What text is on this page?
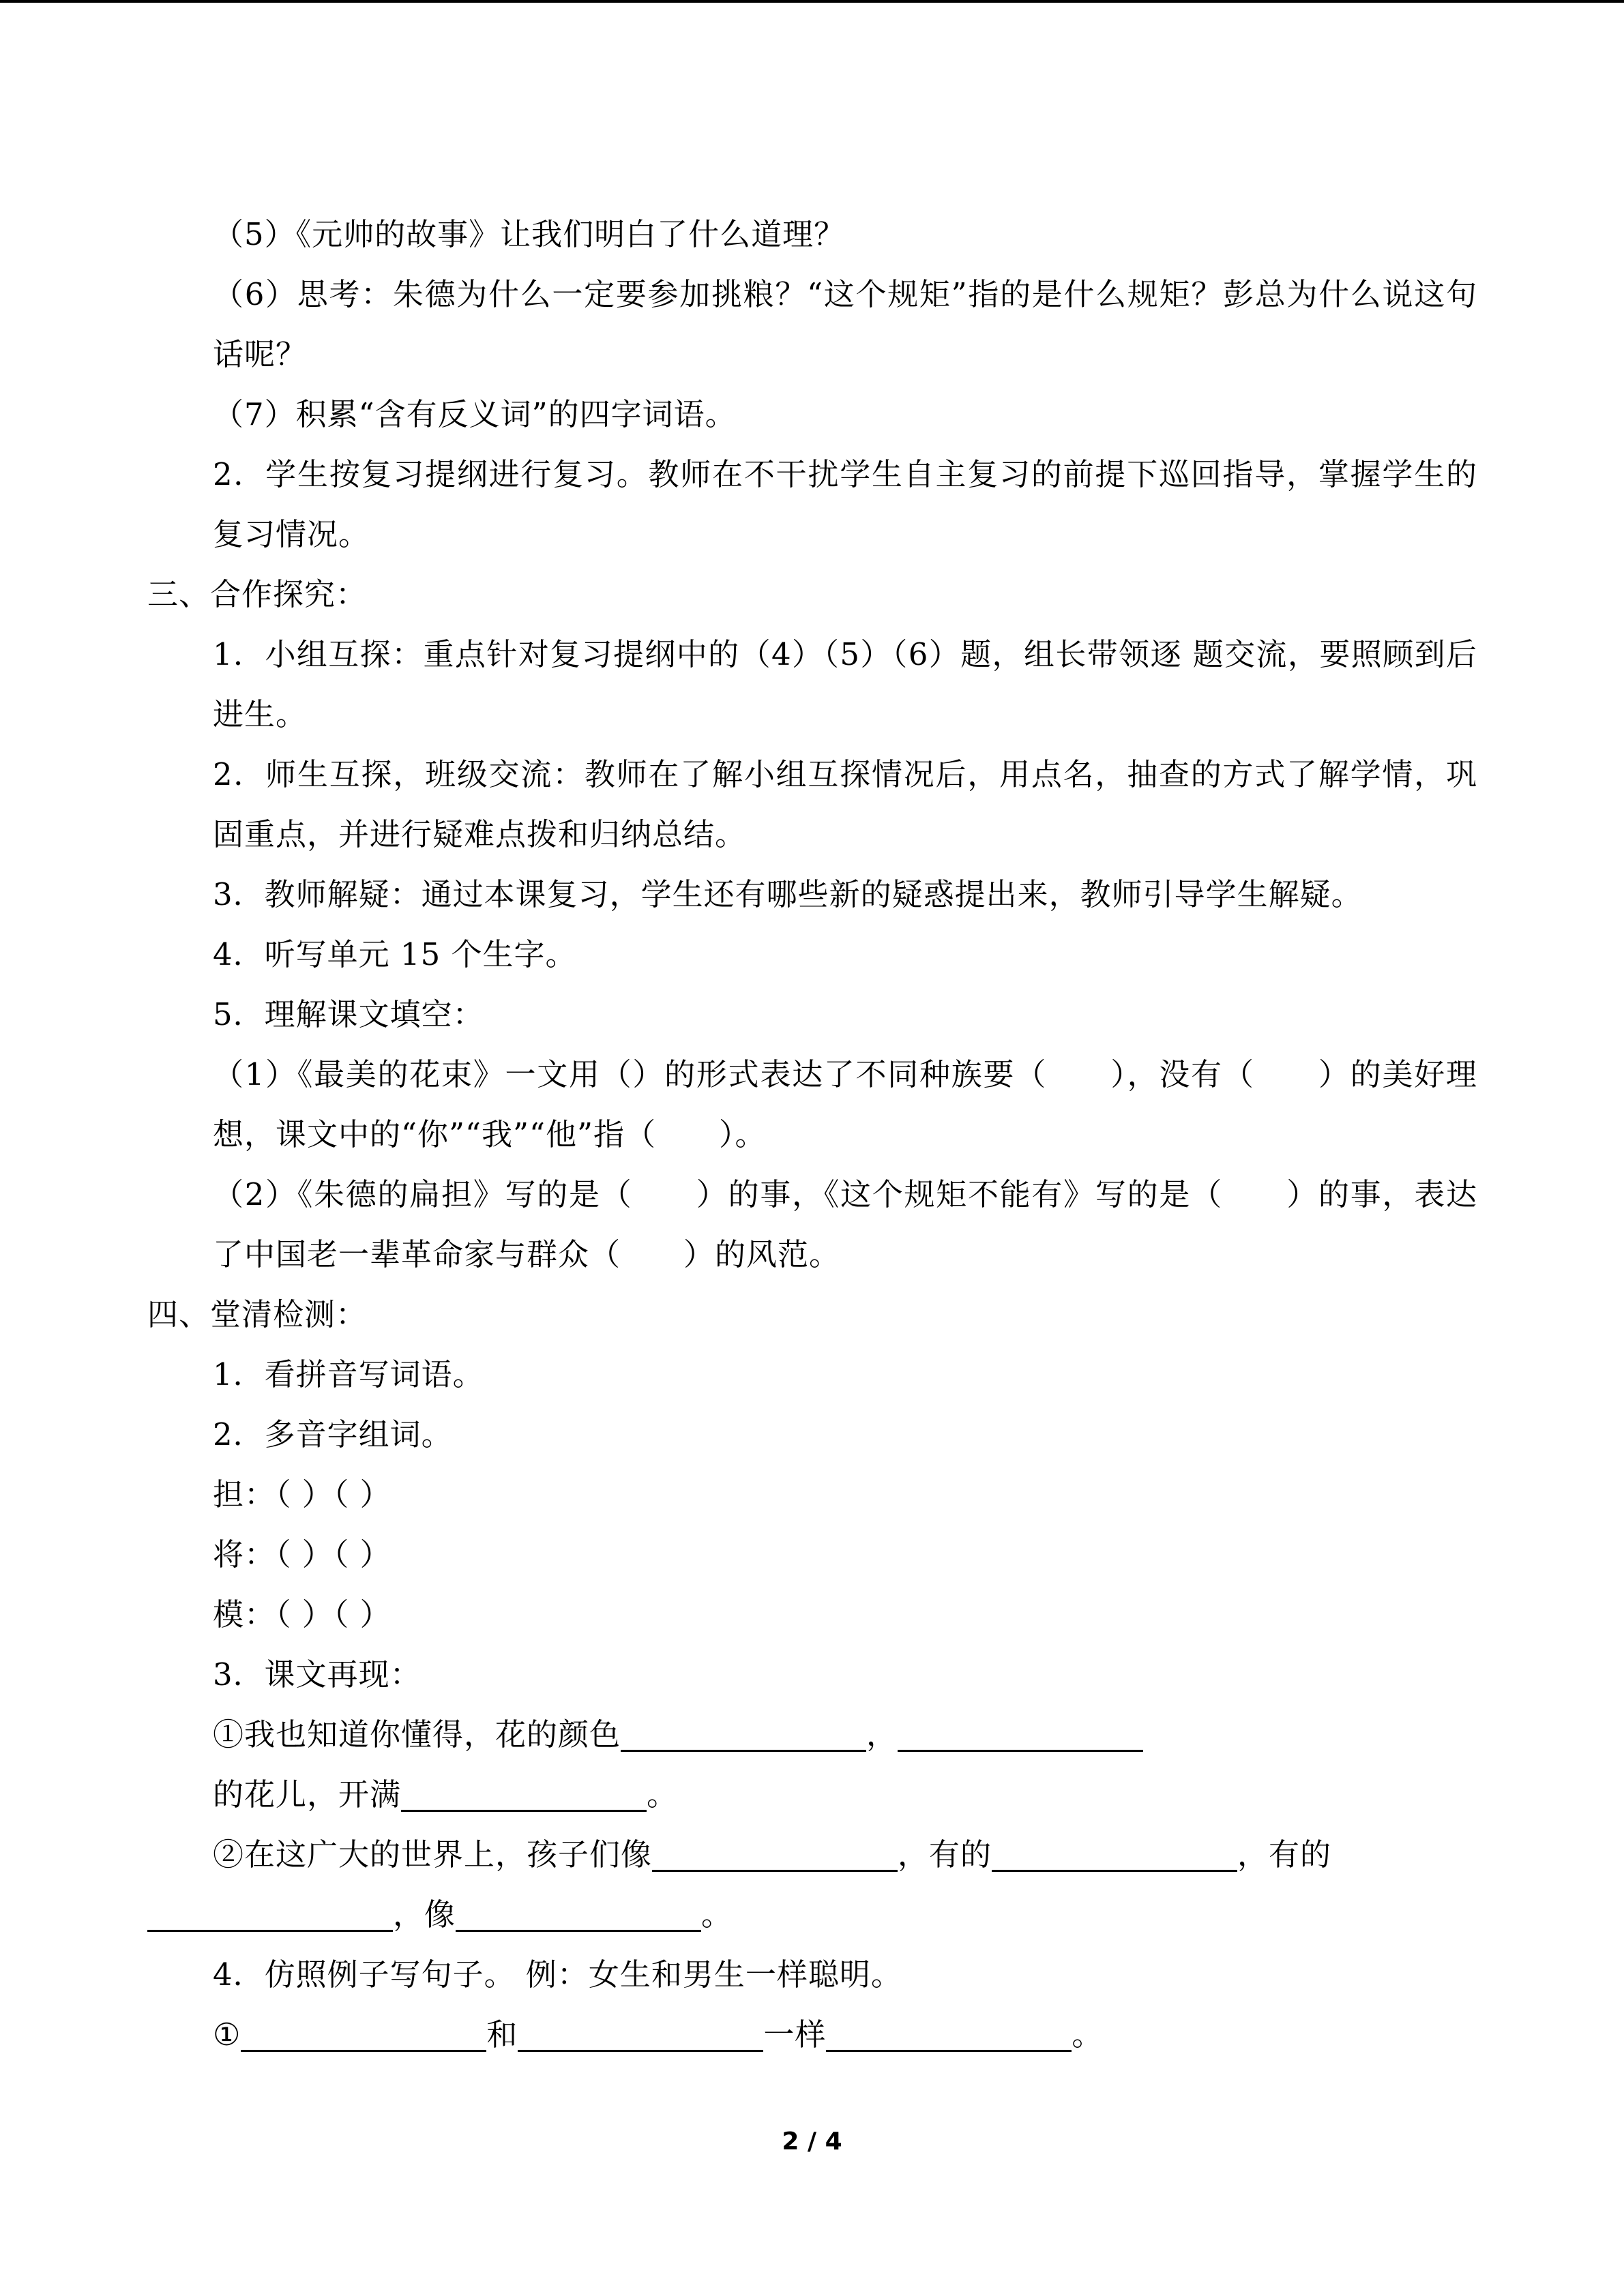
（5）《元帅的故事》让我们明白了什么道理？

（6）思考：朱德为什么一定要参加挑粮？“这个规矩”指的是什么规矩？彭总为什么说这句话呢？

（7）积累“含有反义词”的四字词语。

2．学生按复习提纲进行复习。教师在不干扰学生自主复习的前提下巡回指导，掌握学生的复习情况。

三、合作探究：

1．小组互探：重点针对复习提纲中的（4）（5）（6）题，组长带领逐 题交流，要照顾到后进生。

2．师生互探，班级交流：教师在了解小组互探情况后，用点名，抽查的方式了解学情，巩固重点，并进行疑难点拨和归纳总结。

3．教师解疑：通过本课复习，学生还有哪些新的疑惑提出来，教师引导学生解疑。

4．听写单元 15 个生字。

5．理解课文填空：

（1）《最美的花束》一文用（）的形式表达了不同种族要（　　），没有（　　）的美好理想，课文中的“你”“我”“他”指（　　）。

（2）《朱德的扁担》写的是（　　）的事，《这个规矩不能有》写的是（　　）的事，表达了中国老一辈革命家与群众（　　）的风范。

四、堂清检测：

1．看拼音写词语。

2．多音字组词。

担：（ ）（ ）

将：（ ）（ ）

模：（ ）（ ）

3．课文再现：

①我也知道你懂得，花的颜色	，

的花儿，开满	。

②在这广大的世界上，孩子们像	，有的	，有的

，像	。

4．仿照例子写句子。 例：女生和男生一样聪明。

①	和	一样	。

2 / 4
